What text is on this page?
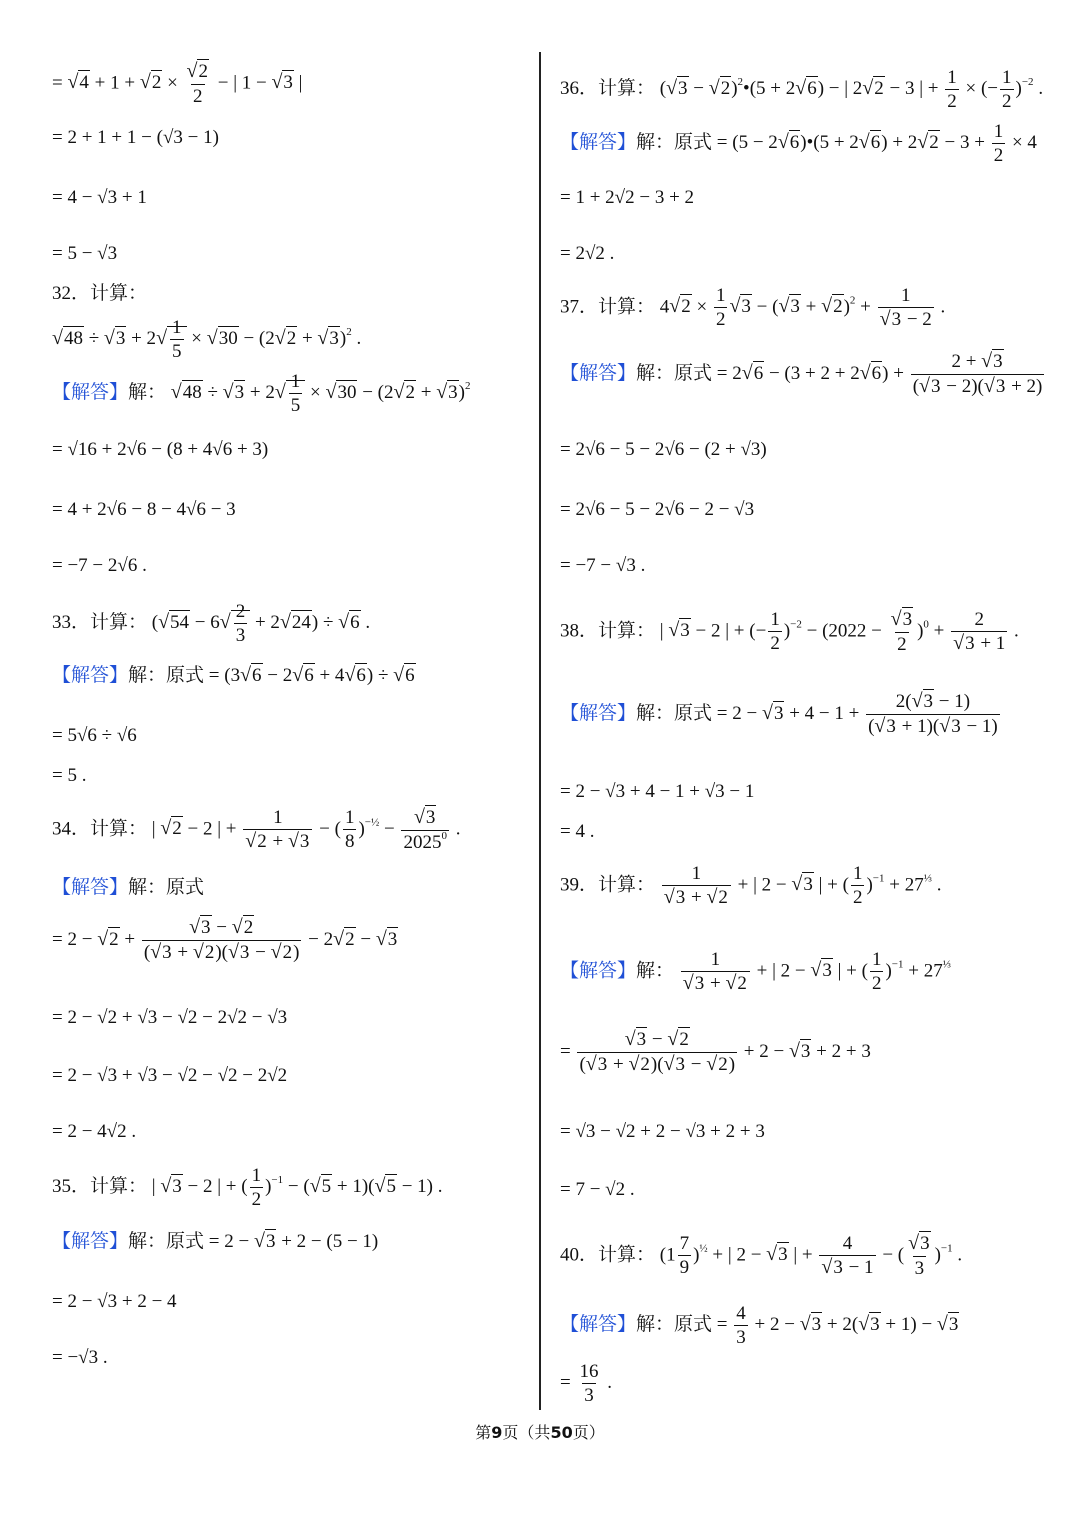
= $√4 + 1 + √2 \times \frac{√2}{2}$ − | 1 − √3 |
= 2 + 1 + 1 − (√3 − 1)
= 4 − √3 + 1
= 5 − √3
32．计算：
$√48 \div √3 + 2√ \frac{1}{5} \times √30 - (2√2 + √3)^2$ .
【解答】解： $√48 \div √3 + 2√ \frac{1}{5} \times √30 - (2√2 + √3)^2$
= √16 + 2√6 − (8 + 4√6 + 3)
= 4 + 2√6 − 8 − 4√6 − 3
= −7 − 2√6 .
33．计算： $(√54 - 6√ \frac{2}{3} + 2√24) \div √6$ .
【解答】解：原式 = (3√6 − 2√6 + 4√6) ÷ √6
= 5√6 ÷ √6
= 5 .
34．计算： | √2 − 2 | + $\frac{1}{√2 + √3}$ − ( $\frac{1}{8} )^{-\frac{1}{2}} - \frac{√3}{2025^0}$ .
【解答】解：原式
= $2 - √2 + \frac{√3 - √2}{(√3 + √2)(√3 - √2)} - 2√2 - √3$
= 2 − √2 + √3 − √2 − 2√2 − √3
= 2 − √3 + √3 − √2 − √2 − 2√2
= 2 − 4√2 .
35．计算： | √3 − 2 | + ( $\frac{1}{2} )^{-1} - (√5 + 1)(√5 - 1)$ .
【解答】解：原式 = 2 − √3 + 2 − (5 − 1)
= 2 − √3 + 2 − 4
= −√3 .
36．计算： $(√3 - √2)^2•(5 + 2√6)$ − | 2√2 − 3 | + $\frac{1}{2}$ × (− $\frac{1}{2} )^{-2}$ .
【解答】解：原式 = (5 − 2√6)•(5 + $2√6) + 2√2 - 3 + \frac{1}{2} \times 4$
= 1 + 2√2 − 3 + 2
= 2√2 .
37．计算： $4√2 \times \frac{1}{2} √3 - (√3 + √2)^2 + \frac{1}{√3 - 2}$ .
【解答】解：原式 = $2√6 - (3 + 2 + 2√6) + \frac{2 + √3}{(√3 - 2)(√3 + 2)}$
= 2√6 − 5 − 2√6 − (2 + √3)
= 2√6 − 5 − 2√6 − 2 − √3
= −7 − √3 .
38．计算： | √3 − 2 | + (− $\frac{1}{2} )^{-2} - (2022 - \frac{√3}{2} )^0 + \frac{2}{√3 + 1}$ .
【解答】解：原式 = $2 - √3 + 4 - 1 + \frac{2(√3 - 1)}{(√3 + 1)(√3 - 1)}$
= 2 − √3 + 4 − 1 + √3 − 1
= 4 .
39．计算： $\frac{1}{√3 + √2}$ + | 2 − √3 | + ( $\frac{1}{2} )^{-1} + 27^{\frac{1}{3}}$ .
【解答】解： $\frac{1}{√3 + √2}$ + | 2 − √3 | + ( $\frac{1}{2} )^{-1} + 27^{\frac{1}{3}}$
= $\frac{√3 - √2}{(√3 + √2)(√3 - √2)} + 2 - √3 + 2 + 3$
= √3 − √2 + 2 − √3 + 2 + 3
= 7 − √2 .
40．计算： $(1 \frac{7}{9} )^{\frac{1}{2}}$ + | 2 − √3 | + $\frac{4}{√3 - 1}$ − ( $\frac{√3}{3} )^{-1}$ .
【解答】解：原式 = $\frac{4}{3} + 2 - √3 + 2(√3 + 1) - √3$
= $\frac{16}{3}$ .
第9页（共50页）
